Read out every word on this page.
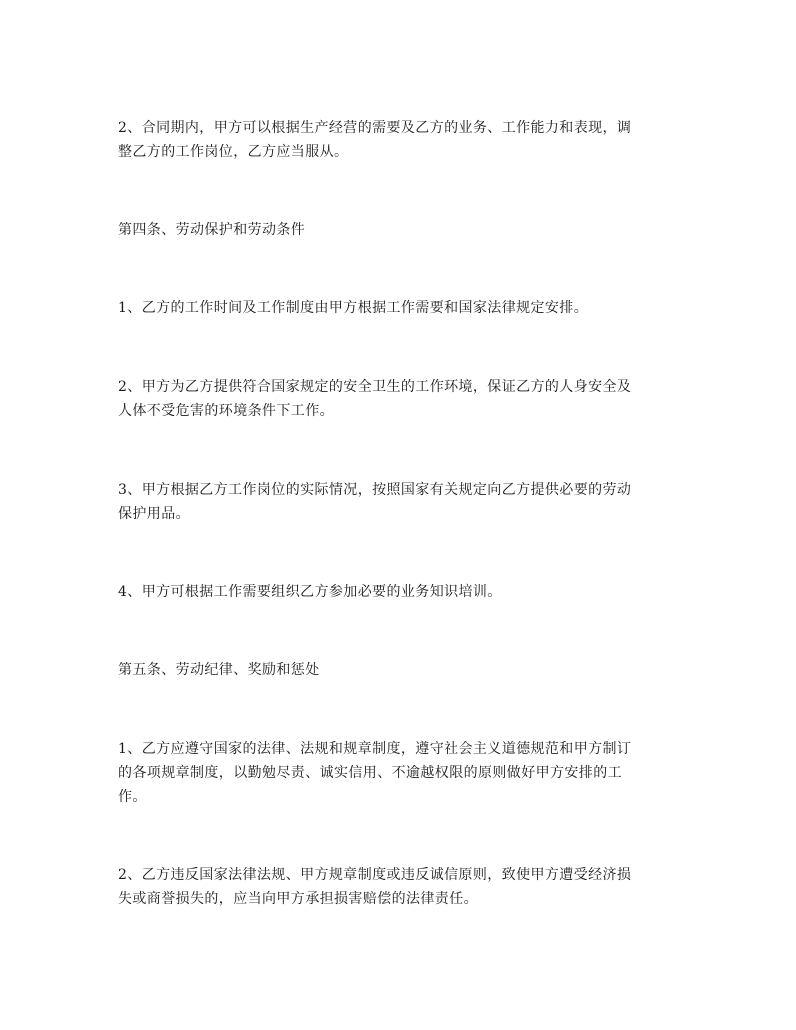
2、合同期内，甲方可以根据生产经营的需要及乙方的业务、工作能力和表现，调
整乙方的工作岗位，乙方应当服从。

第四条、劳动保护和劳动条件

1、乙方的工作时间及工作制度由甲方根据工作需要和国家法律规定安排。

2、甲方为乙方提供符合国家规定的安全卫生的工作环境，保证乙方的人身安全及
人体不受危害的环境条件下工作。

3、甲方根据乙方工作岗位的实际情况，按照国家有关规定向乙方提供必要的劳动
保护用品。

4、甲方可根据工作需要组织乙方参加必要的业务知识培训。

第五条、劳动纪律、奖励和惩处

1、乙方应遵守国家的法律、法规和规章制度，遵守社会主义道德规范和甲方制订
的各项规章制度，以勤勉尽责、诚实信用、不逾越权限的原则做好甲方安排的工
作。

2、乙方违反国家法律法规、甲方规章制度或违反诚信原则，致使甲方遭受经济损
失或商誉损失的，应当向甲方承担损害赔偿的法律责任。
